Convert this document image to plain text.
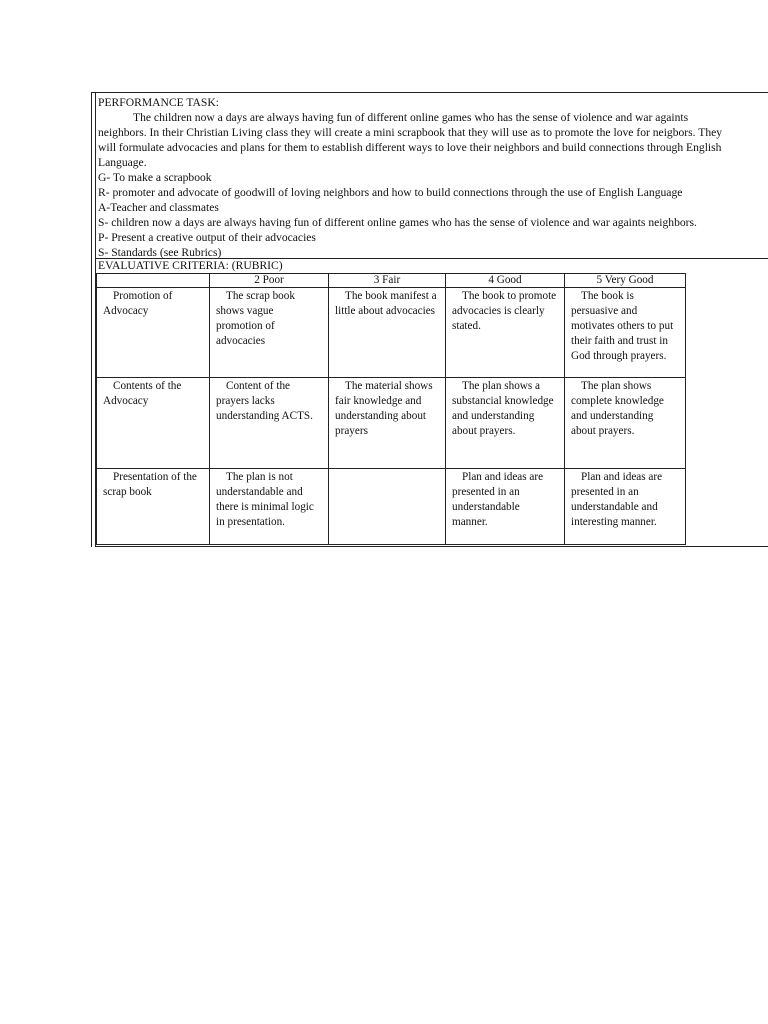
PERFORMANCE TASK:
The children now a days are always having fun of different online games who has the sense of violence and war againts
neighbors. In their Christian Living class they will create a mini scrapbook that they will use as to promote the love for neigbors. They
will formulate advocacies and plans for them to establish different ways to love their neighbors and build connections through English
Language.
G- To make a scrapbook
R- promoter and advocate of goodwill of loving neighbors and how to build connections through the use of English Language
A-Teacher and classmates
S- children now a days are always having fun of different online games who has the sense of violence and war againts neighbors.
P- Present a creative output of their advocacies
S- Standards (see Rubrics)
EVALUATIVE CRITERIA: (RUBRIC)
	2 Poor	3 Fair	4 Good	5 Very Good

Promotion of Advocacy	The scrap book shows vague promotion of advocacies	The book manifest a little about advocacies	The book to promote advocacies is clearly stated.	The book is persuasive and motivates others to put their faith and trust in God through prayers.

Contents of the Advocacy	Content of the prayers lacks understanding ACTS.	The material shows fair knowledge and understanding about prayers	The plan shows a substancial knowledge and understanding about prayers.	The plan shows complete knowledge and understanding about prayers.

Presentation of the scrap book	The plan is not understandable and there is minimal logic in presentation.		Plan and ideas are presented in an understandable manner.	Plan and ideas are presented in an understandable and interesting manner.
